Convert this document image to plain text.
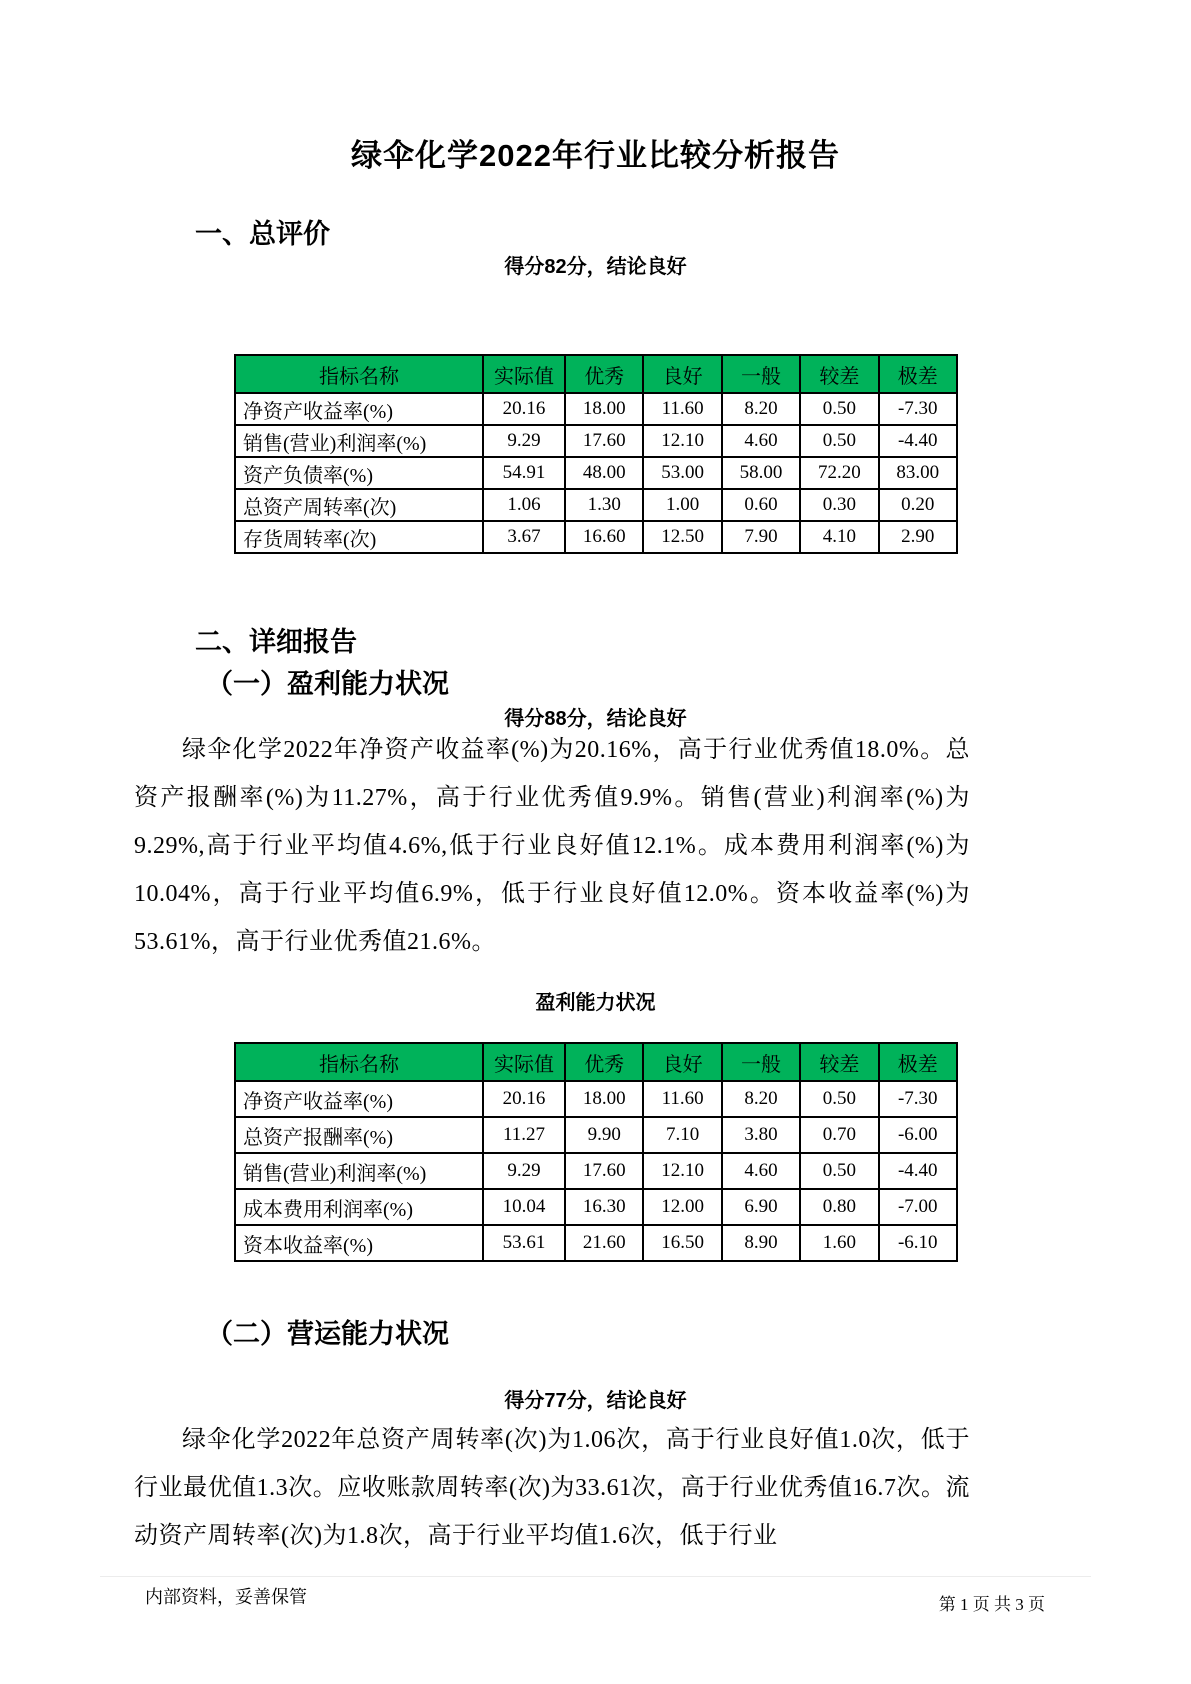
绿伞化学2022年行业比较分析报告
一、总评价
得分82分，结论良好
指标名称	实际值	优秀	良好	一般	较差	极差
净资产收益率(%)	20.16	18.00	11.60	8.20	0.50	-7.30
销售(营业)利润率(%)	9.29	17.60	12.10	4.60	0.50	-4.40
资产负债率(%)	54.91	48.00	53.00	58.00	72.20	83.00
总资产周转率(次)	1.06	1.30	1.00	0.60	0.30	0.20
存货周转率(次)	3.67	16.60	12.50	7.90	4.10	2.90
二、详细报告
（一）盈利能力状况
得分88分，结论良好
绿伞化学2022年净资产收益率(%)为20.16%，高于行业优秀值18.0%。总资产报酬率(%)为11.27%，高于行业优秀值9.9%。销售(营业)利润率(%)为9.29%,高于行业平均值4.6%,低于行业良好值12.1%。成本费用利润率(%)为10.04%，高于行业平均值6.9%，低于行业良好值12.0%。资本收益率(%)为53.61%，高于行业优秀值21.6%。
盈利能力状况
指标名称	实际值	优秀	良好	一般	较差	极差
净资产收益率(%)	20.16	18.00	11.60	8.20	0.50	-7.30
总资产报酬率(%)	11.27	9.90	7.10	3.80	0.70	-6.00
销售(营业)利润率(%)	9.29	17.60	12.10	4.60	0.50	-4.40
成本费用利润率(%)	10.04	16.30	12.00	6.90	0.80	-7.00
资本收益率(%)	53.61	21.60	16.50	8.90	1.60	-6.10
（二）营运能力状况
得分77分，结论良好
绿伞化学2022年总资产周转率(次)为1.06次，高于行业良好值1.0次，低于行业最优值1.3次。应收账款周转率(次)为33.61次，高于行业优秀值16.7次。流动资产周转率(次)为1.8次，高于行业平均值1.6次，低于行业
内部资料，妥善保管	第 1 页 共 3 页
